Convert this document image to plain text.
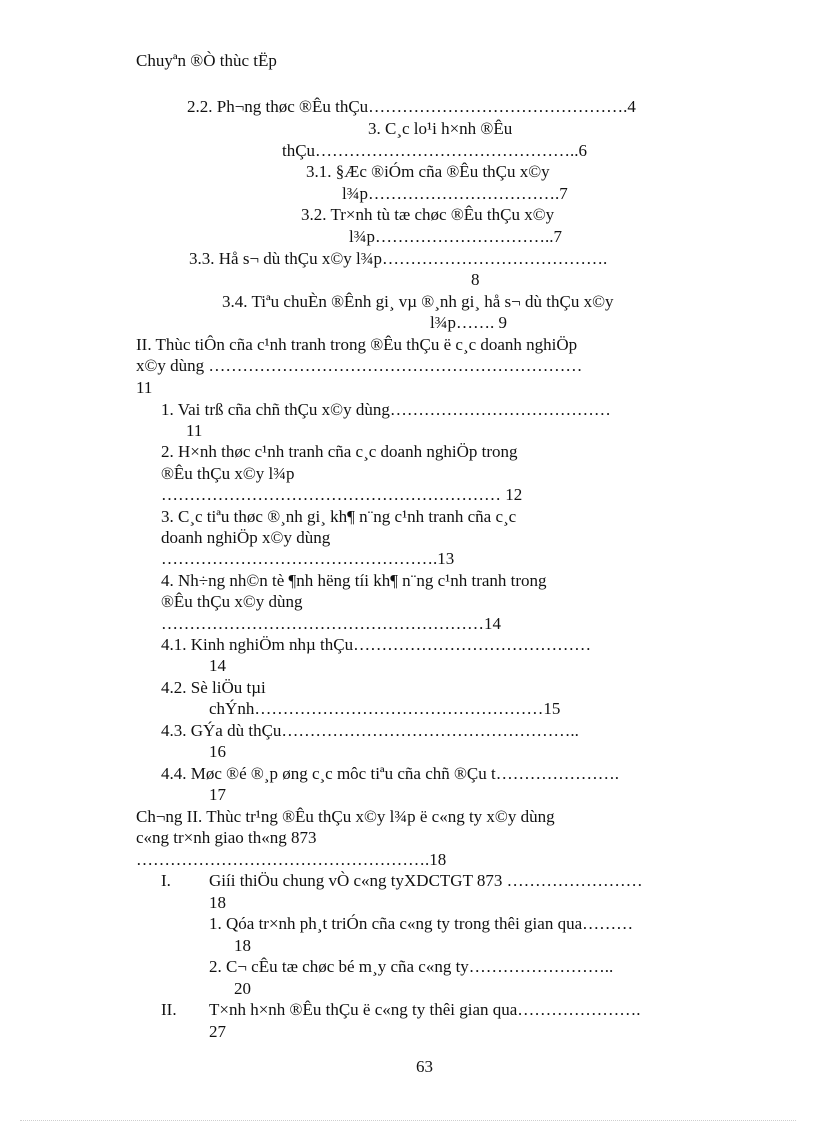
Chuyªn ®Ò thùc tËp
2.2. Ph¬ng thøc ®Êu thÇu……………………………………….4
3. C¸c lo¹i h×nh ®Êu
thÇu………………………………………..6
3.1. §Æc ®iÓm cña ®Êu thÇu x©y
l¾p…………………………….7
3.2. Tr×nh tù tæ chøc ®Êu thÇu x©y
l¾p…………………………..7
3.3. Hå s¬ dù thÇu x©y l¾p………………………………….
8
3.4. Tiªu chuÈn ®Ênh gi¸ vµ ®¸nh gi¸ hå s¬ dù thÇu x©y
l¾p……. 9
II. Thùc tiÔn cña c¹nh tranh trong ®Êu thÇu ë c¸c doanh nghiÖp
x©y dùng …………………………………………………………
11
1. Vai trß cña chñ thÇu x©y dùng…………………………………
11
2. H×nh thøc c¹nh tranh cña c¸c doanh nghiÖp trong
®Êu thÇu x©y l¾p
…………………………………………………… 12
3. C¸c tiªu thøc ®¸nh gi¸ kh¶ n¨ng c¹nh tranh cña c¸c
doanh nghiÖp x©y dùng
………………………………………….13
4. Nh÷ng nh©n tè ¶nh hëng tíi kh¶ n¨ng c¹nh tranh trong
®Êu thÇu x©y dùng
…………………………………………………14
4.1. Kinh nghiÖm nhµ thÇu……………………………………
14
4.2. Sè liÖu tµi
chÝnh……………………………………………15
4.3. GÝa dù thÇu……………………………………………..
16
4.4. Møc ®é ®¸p øng c¸c môc tiªu cña chñ ®Çu t………………….
17
Ch¬ng II. Thùc tr¹ng ®Êu thÇu x©y l¾p ë c«ng ty x©y dùng
c«ng tr×nh giao th«ng 873
…………………………………………….18
I. Giíi thiÖu chung vÒ c«ng tyXDCTGT 873 ……………………
18
1. Qóa tr×nh ph¸t triÓn cña c«ng ty trong thêi gian qua………
18
2. C¬ cÊu tæ chøc bé m¸y cña c«ng ty……………………..
20
II. T×nh h×nh ®Êu thÇu ë c«ng ty thêi gian qua………………….
27
63
